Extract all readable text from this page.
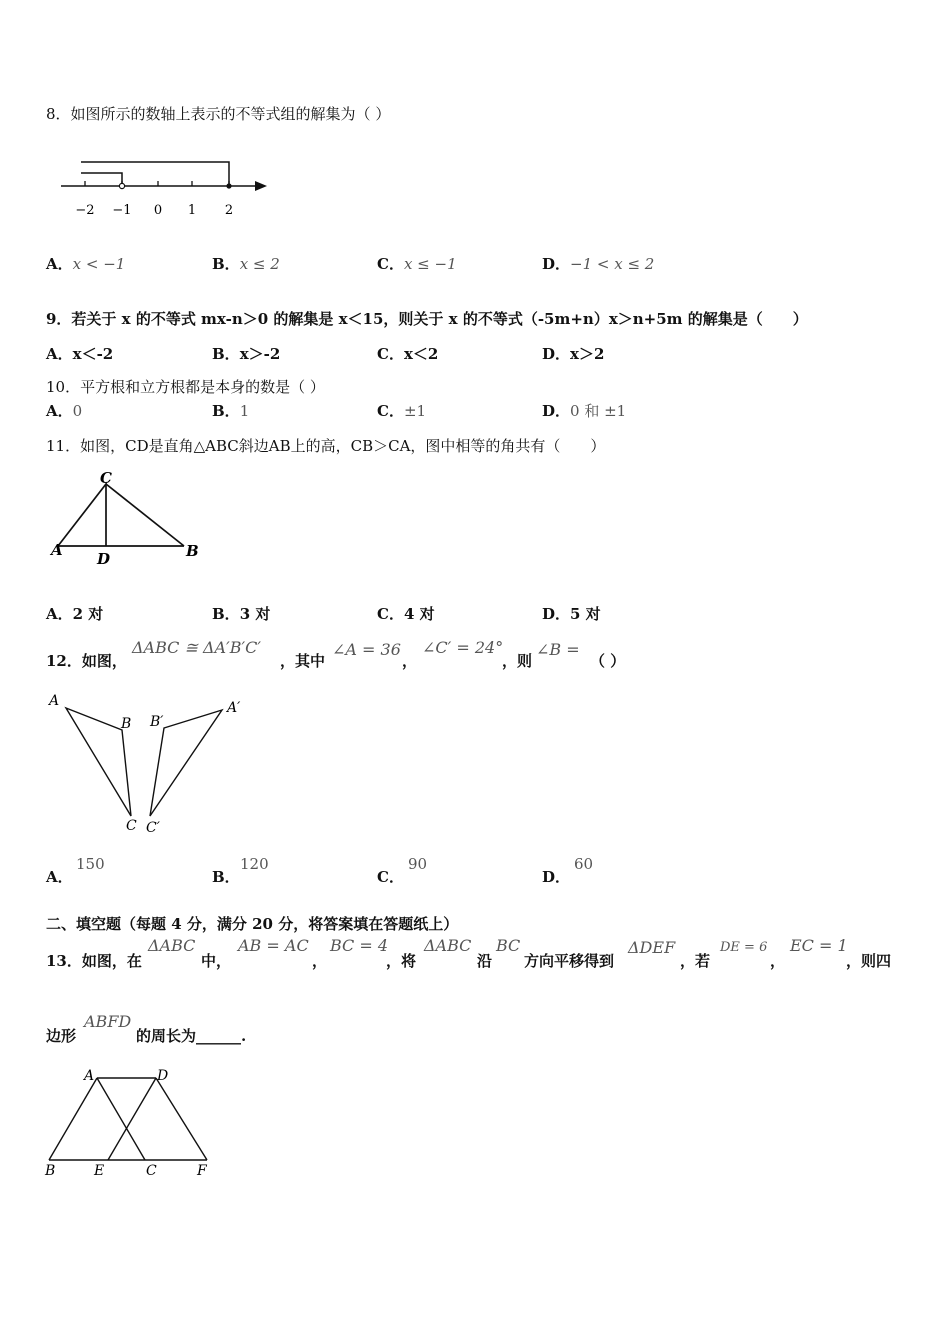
8．如图所示的数轴上表示的不等式组的解集为（ ）
−2 −1 0 1 2
A．x < −1	B．x ≤ 2	C．x ≤ −1	D．−1 < x ≤ 2
9．若关于 x 的不等式 mx-n＞0 的解集是 x＜15，则关于 x 的不等式（-5m+n）x＞n+5m 的解集是（　　）
A．x＜-2	B．x＞-2	C．x＜2	D．x＞2
10．平方根和立方根都是本身的数是（ ）
A．0	B．1	C．±1	D．0 和 ±1
11．如图，CD是直角△ABC斜边AB上的高，CB＞CA，图中相等的角共有（　　）
C
A D	B
A．2 对	B．3 对	C．4 对	D．5 对
12．如图，
ΔABC ≅ ΔA′B′C′
，其中
∠A = 36
，
∠C′ = 24°
，则
∠B =
（ ）
A
B
C
B′
A′
C′
A．
150
B．
120
C．
90
D．
60
二、填空题（每题 4 分，满分 20 分，将答案填在答题纸上）
13．如图，在
ΔABC
中，
AB = AC
，
BC = 4
，将
ΔABC
沿
BC
方向平移得到
ΔDEF
，若
DE = 6
，
EC = 1
，则四
边形
ABFD
的周长为______.
A	D
B	E	C	F
